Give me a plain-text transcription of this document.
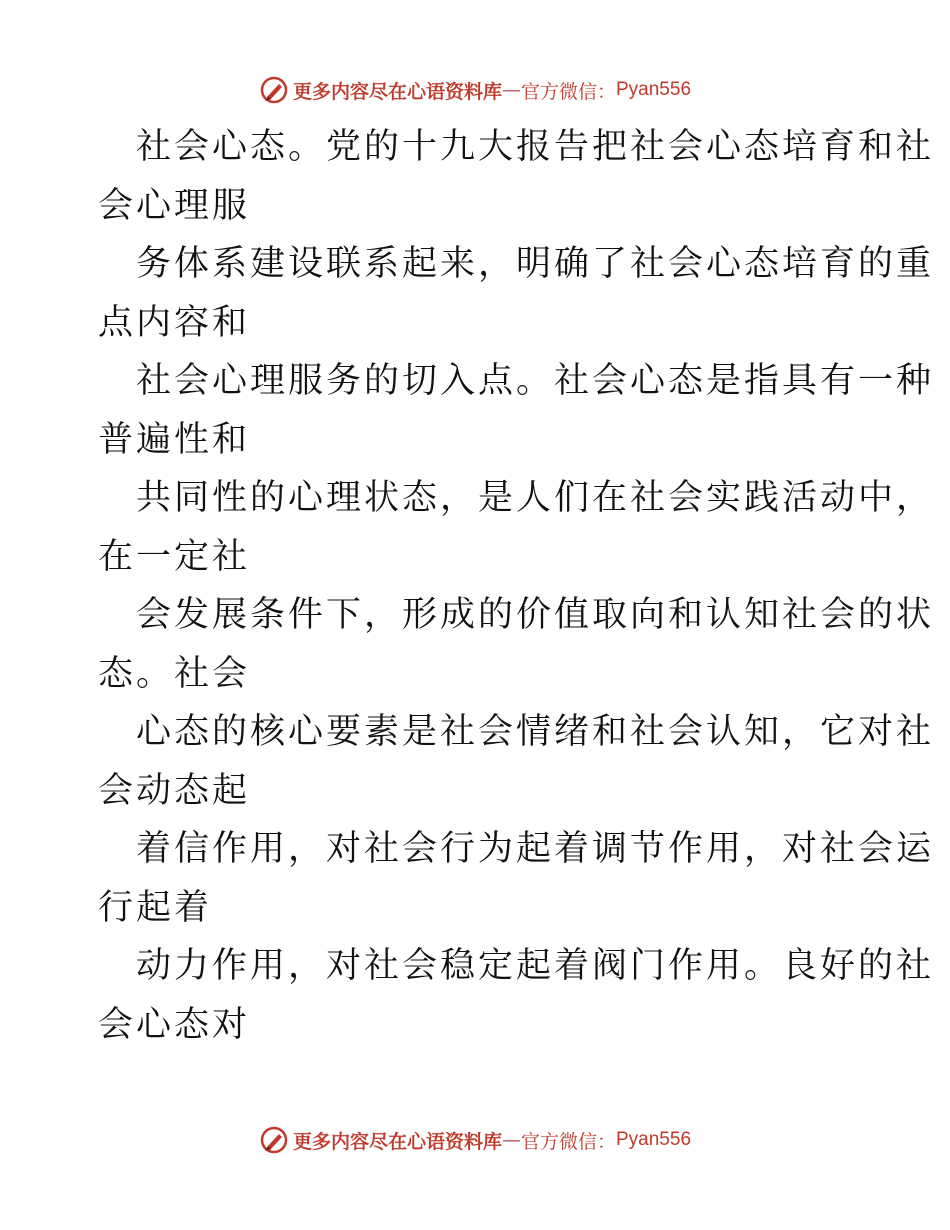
更多内容尽在心语资料库 — 官方微信： Pyan556
社会心态。党的十九大报告把社会心态培育和社
会心理服
务体系建设联系起来，明确了社会心态培育的重
点内容和
社会心理服务的切入点。社会心态是指具有一种
普遍性和
共同性的心理状态，是人们在社会实践活动中，
在一定社
会发展条件下，形成的价值取向和认知社会的状
态。社会
心态的核心要素是社会情绪和社会认知，它对社
会动态起
着信作用，对社会行为起着调节作用，对社会运
行起着
动力作用，对社会稳定起着阀门作用。良好的社
会心态对
更多内容尽在心语资料库 — 官方微信： Pyan556
